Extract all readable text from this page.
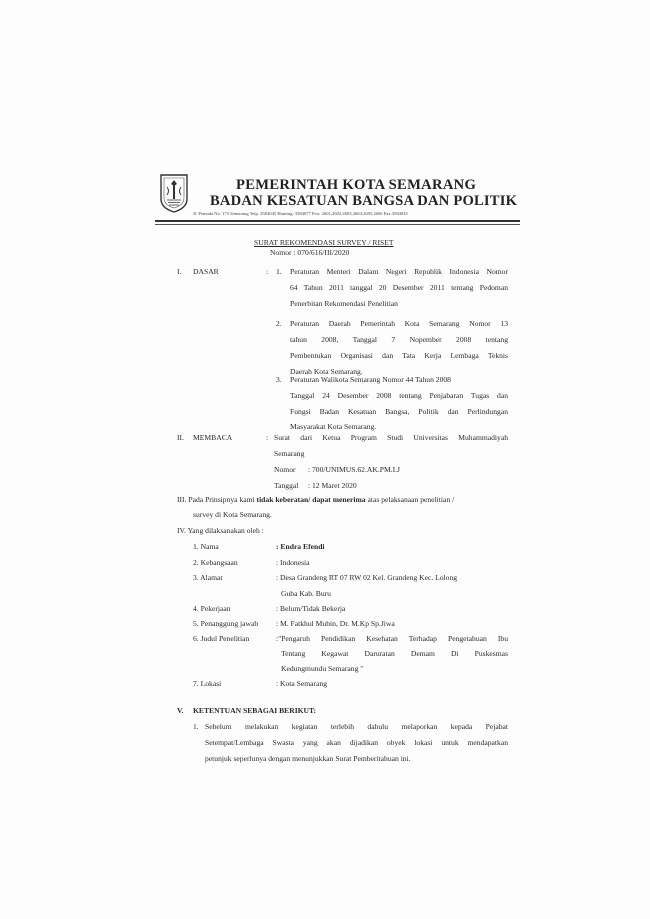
PEMERINTAH KOTA SEMARANG
BADAN KESATUAN BANGSA DAN POLITIK
Jl. Pemuda No. 175 Semarang Telp. 3584045 Hunting: 3584077 Psw. 2601,2602,2603,2604,2605,2606 Fax.3584045
SURAT REKOMENDASI SURVEY / RISET
Nomor : 070/616/III/2020
I. DASAR	: 1. Peraturan Menteri Dalam Negeri Republik Indonesia Nomor
64 Tahun 2011 tanggal 20 Desember 2011 tentang Pedoman
Penerbitan Rekomendasi Penelitian
2. Peraturan Daerah Pemerintah Kota Semarang Nomor 13
tahun 2008, Tanggal 7 Nopember 2008 tentang
Pembentukan Organisasi dan Tata Kerja Lembaga Teknis
Daerah Kota Semarang.
3. Peraturan Walikota Semarang Nomor 44 Tahun 2008
Tanggal 24 Desember 2008 tentang Penjabaran Tugas dan
Fungsi Badan Kesatuan Bangsa, Politik dan Perlindungan
Masyarakat Kota Semarang.
II. MEMBACA	: Surat dari Ketua Program Studi Universitas Muhammadiyah
Semarang
Nomor : 700/UNIMUS.62.AK.PM.I.J
Tanggal : 12 Maret 2020
III. Pada Prinsipnya kami tidak keberatan/ dapat menerima atas pelaksanaan penelitian /
survey di Kota Semarang.
IV. Yang dilaksanakan oleh :
1. Nama	: Endra Efendi
2. Kebangsaan	: Indonesia
3. Alamat	: Desa Grandeng RT 07 RW 02 Kel. Grandeng Kec. Lolong
Guba Kab. Buru
4. Pekerjaan	: Belum/Tidak Bekerja
5. Penanggung jawab : M. Fatkhul Mubin, Dr. M.Kp Sp.Jiwa
6. Judul Penelitian	:"Pengaruh Pendidikan Kesehatan Terhadap Pengetahuan Ibu
Tentang Kegawat Daruratan Demam Di Puskesmas
Kedungmundu Semarang "
7. Lokasi	: Kota Semarang
V. KETENTUAN SEBAGAI BERIKUT:
1. Sebelum melakukan kegiatan terlebih dahulu melaporkan kepada Pejabat
Setempat/Lembaga Swasta yang akan dijadikan obyek lokasi untuk mendapatkan
petunjuk seperlunya dengan menunjukkan Surat Pemberitahuan ini.
